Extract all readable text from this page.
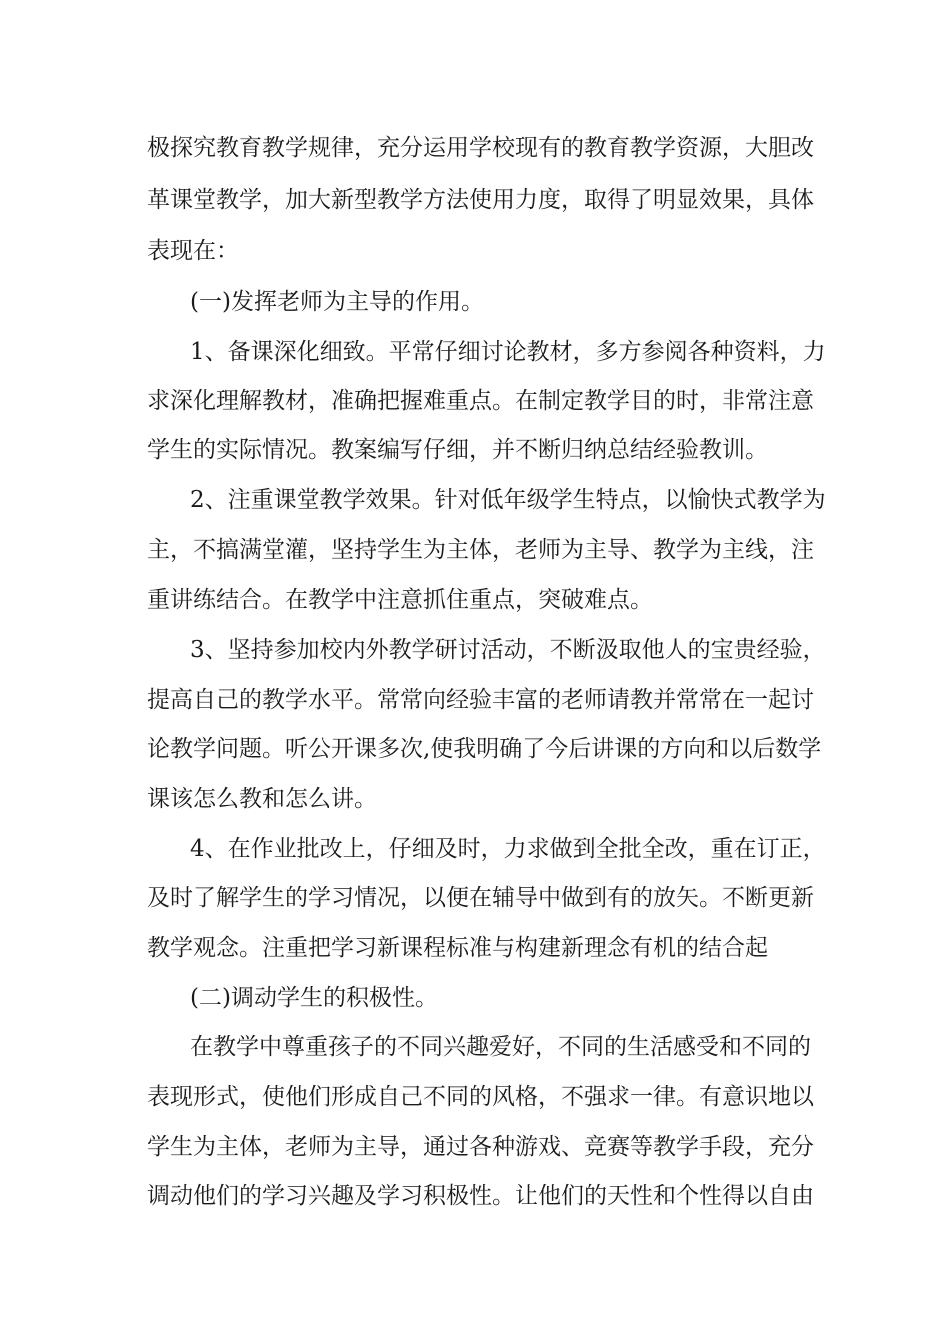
极探究教育教学规律，充分运用学校现有的教育教学资源，大胆改
革课堂教学，加大新型教学方法使用力度，取得了明显效果，具体
表现在：
(一)发挥老师为主导的作用。
1、备课深化细致。平常仔细讨论教材，多方参阅各种资料，力
求深化理解教材，准确把握难重点。在制定教学目的时，非常注意
学生的实际情况。教案编写仔细，并不断归纳总结经验教训。
2、注重课堂教学效果。针对低年级学生特点，以愉快式教学为
主，不搞满堂灌，坚持学生为主体，老师为主导、教学为主线，注
重讲练结合。在教学中注意抓住重点，突破难点。
3、坚持参加校内外教学研讨活动，不断汲取他人的宝贵经验，
提高自己的教学水平。常常向经验丰富的老师请教并常常在一起讨
论教学问题。听公开课多次,使我明确了今后讲课的方向和以后数学
课该怎么教和怎么讲。
4、在作业批改上，仔细及时，力求做到全批全改，重在订正，
及时了解学生的学习情况，以便在辅导中做到有的放矢。不断更新
教学观念。注重把学习新课程标准与构建新理念有机的结合起
(二)调动学生的积极性。
在教学中尊重孩子的不同兴趣爱好，不同的生活感受和不同的
表现形式，使他们形成自己不同的风格，不强求一律。有意识地以
学生为主体，老师为主导，通过各种游戏、竞赛等教学手段，充分
调动他们的学习兴趣及学习积极性。让他们的天性和个性得以自由
